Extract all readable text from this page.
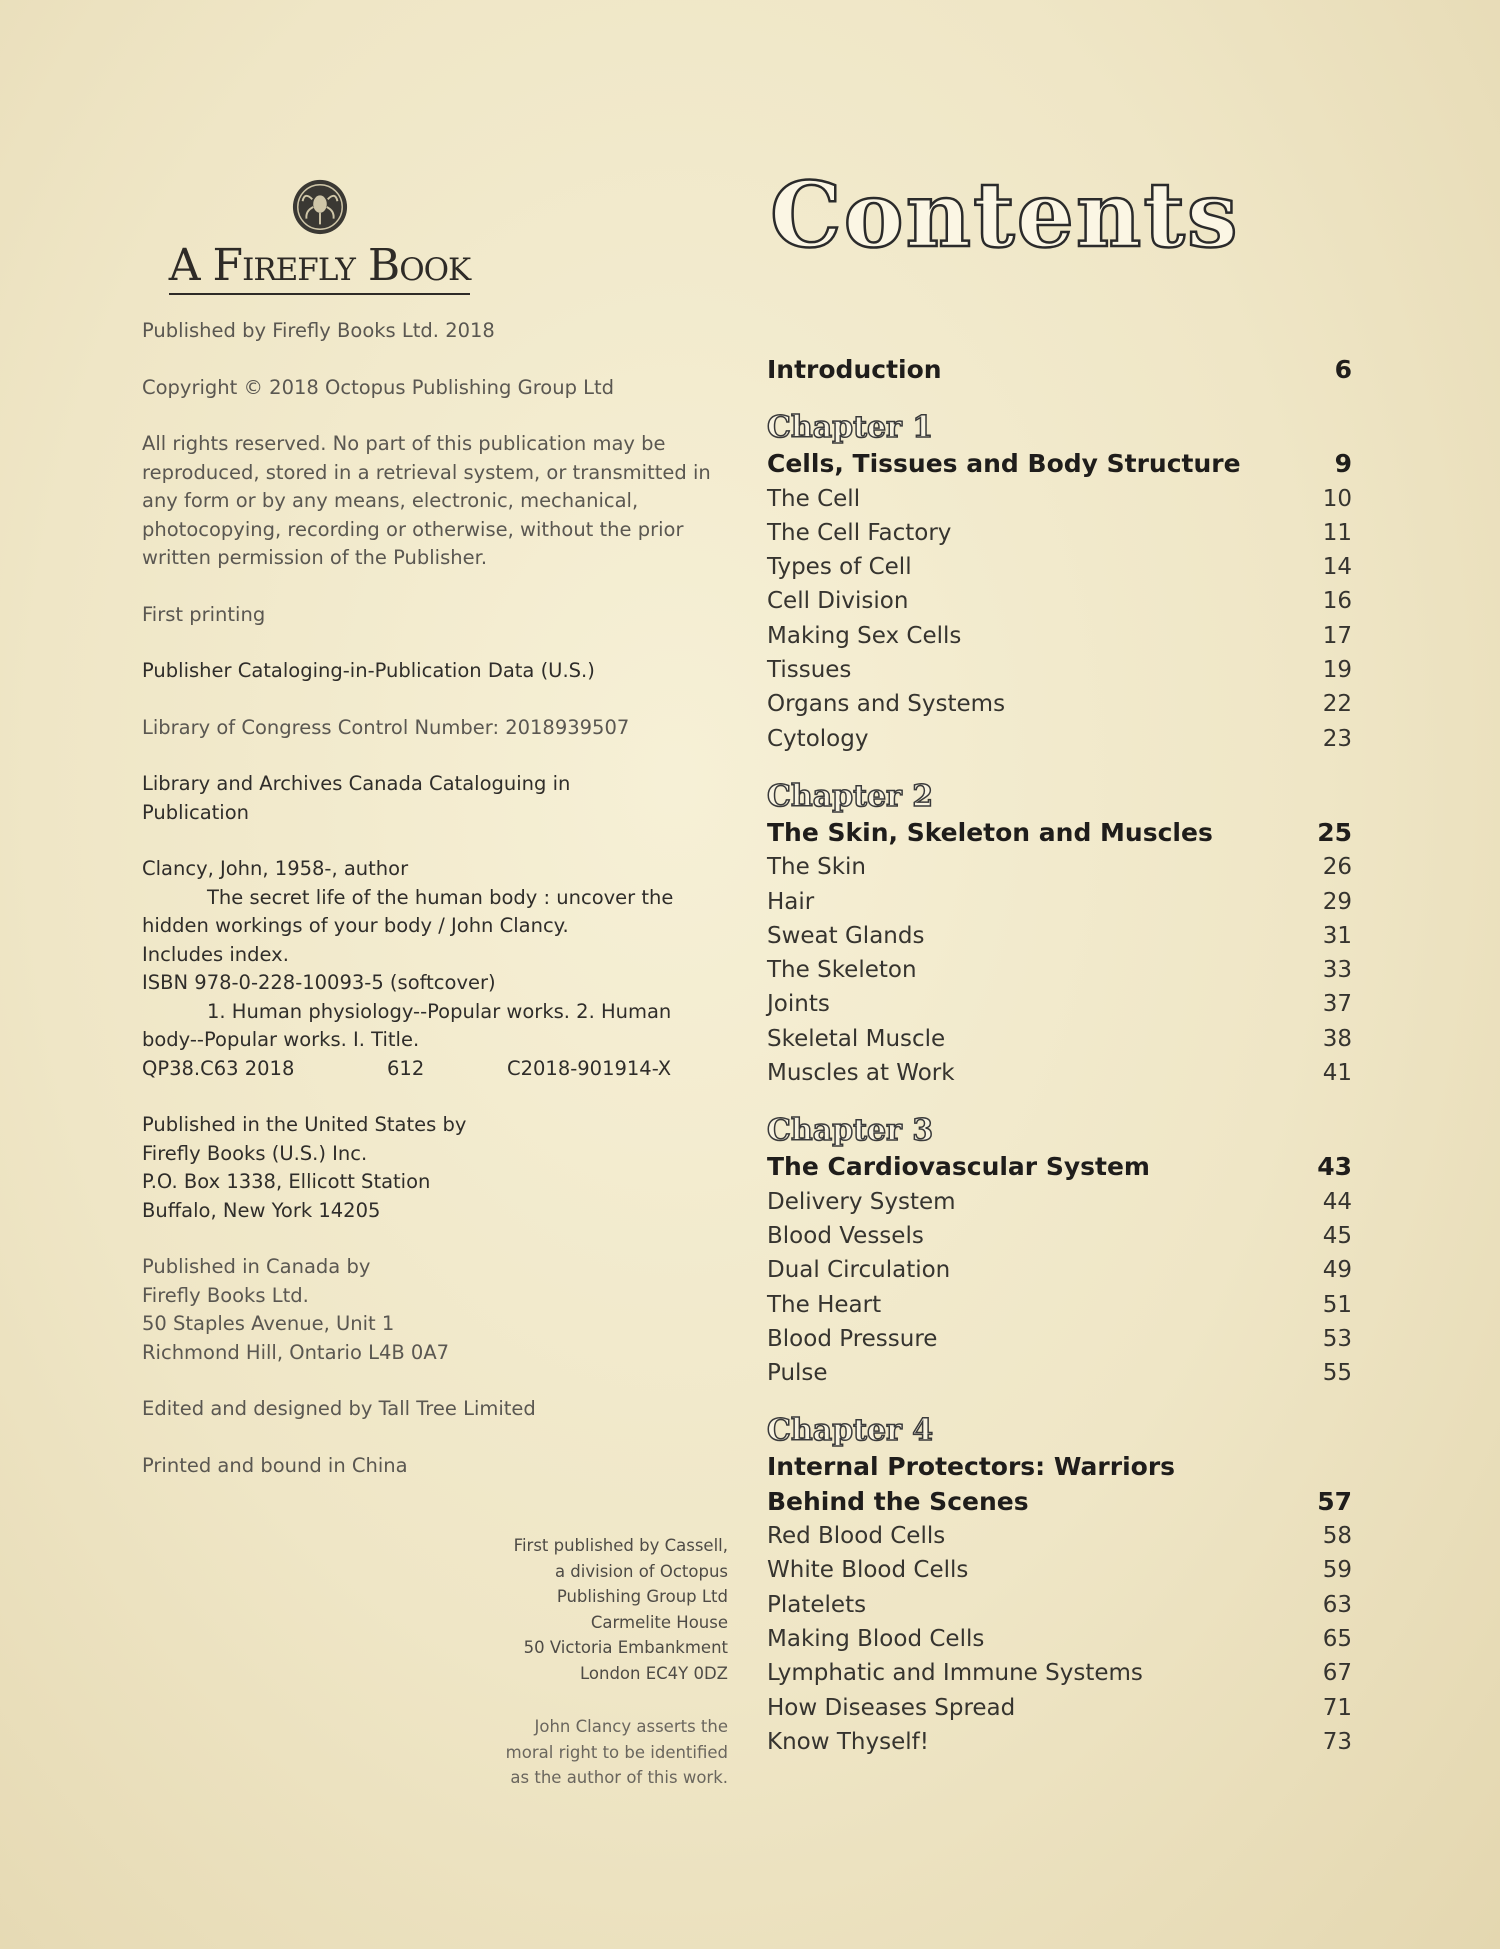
A Firefly Book

Published by Firefly Books Ltd. 2018

Copyright © 2018 Octopus Publishing Group Ltd

All rights reserved. No part of this publication may be reproduced, stored in a retrieval system, or transmitted in any form or by any means, electronic, mechanical, photocopying, recording or otherwise, without the prior written permission of the Publisher.

First printing

Publisher Cataloging-in-Publication Data (U.S.)

Library of Congress Control Number: 2018939507

Library and Archives Canada Cataloguing in Publication

Clancy, John, 1958-, author
The secret life of the human body : uncover the
hidden workings of your body / John Clancy.
Includes index.
ISBN 978-0-228-10093-5 (softcover)
1. Human physiology--Popular works. 2. Human
body--Popular works. I. Title.
QP38.C63 2018	612	C2018-901914-X
Published in the United States by
Firefly Books (U.S.) Inc.
P.O. Box 1338, Ellicott Station
Buffalo, New York 14205
Published in Canada by
Firefly Books Ltd.
50 Staples Avenue, Unit 1
Richmond Hill, Ontario L4B 0A7

Edited and designed by Tall Tree Limited

Printed and bound in China

First published by Cassell,
a division of Octopus
Publishing Group Ltd
Carmelite House
50 Victoria Embankment
London EC4Y 0DZ
John Clancy asserts the
moral right to be identified
as the author of this work.
Contents
Introduction	6
Chapter 1
Cells, Tissues and Body Structure	9
The Cell	10
The Cell Factory	11
Types of Cell	14
Cell Division	16
Making Sex Cells	17
Tissues	19
Organs and Systems	22
Cytology	23
Chapter 2
The Skin, Skeleton and Muscles	25
The Skin	26
Hair	29
Sweat Glands	31
The Skeleton	33
Joints	37
Skeletal Muscle	38
Muscles at Work	41
Chapter 3
The Cardiovascular System	43
Delivery System	44
Blood Vessels	45
Dual Circulation	49
The Heart	51
Blood Pressure	53
Pulse	55
Chapter 4
Internal Protectors: Warriors Behind the Scenes	57
Red Blood Cells	58
White Blood Cells	59
Platelets	63
Making Blood Cells	65
Lymphatic and Immune Systems	67
How Diseases Spread	71
Know Thyself!	73
